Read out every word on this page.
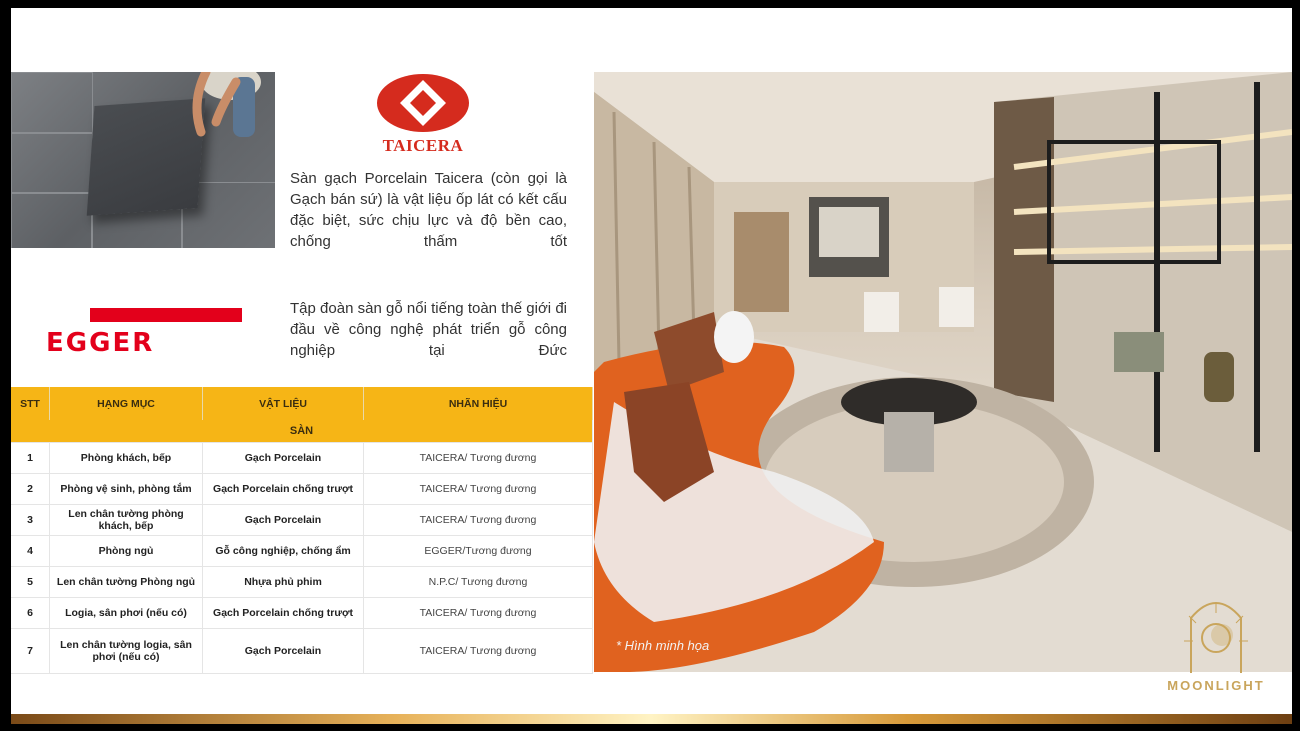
TAICERA
Sàn gạch Porcelain Taicera (còn gọi là Gạch bán sứ) là vật liệu ốp lát có kết cấu đặc biệt, sức chịu lực và độ bền cao, chống thấm tốt
EGGER
Tập đoàn sàn gỗ nổi tiếng toàn thế giới đi đầu về công nghệ phát triển gỗ công nghiệp tại Đức
STT	HẠNG MỤC	VẬT LIỆU	NHÃN HIỆU
SÀN			
1	Phòng khách, bếp	Gạch Porcelain	TAICERA/ Tương đương
2	Phòng vệ sinh, phòng tắm	Gạch Porcelain chống trượt	TAICERA/ Tương đương
3	Len chân tường phòng khách, bếp	Gạch Porcelain	TAICERA/ Tương đương
4	Phòng ngủ	Gỗ công nghiệp, chống ẩm	EGGER/Tương đương
5	Len chân tường Phòng ngủ	Nhựa phủ phim	N.P.C/ Tương đương
6	Logia, sân phơi (nếu có)	Gạch Porcelain chống trượt	TAICERA/ Tương đương
7	Len chân tường logia, sân phơi (nếu có)	Gạch Porcelain	TAICERA/ Tương đương	* Hình minh họa
MOONLIGHT
